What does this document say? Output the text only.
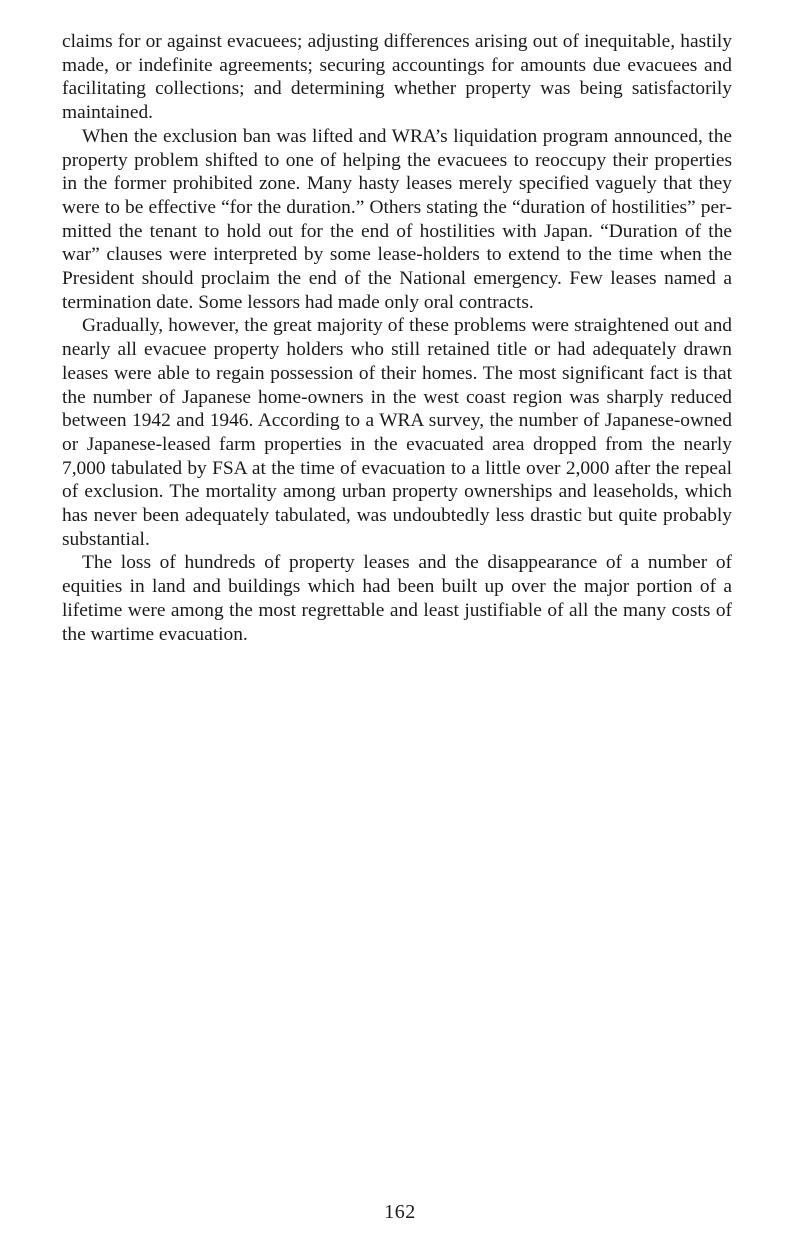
claims for or against evacuees; adjusting differences arising out of inequitable, hastily made, or indefinite agreements; securing accountings for amounts due evacuees and facilitating collections; and determining whether property was being satisfactorily maintained.

When the exclusion ban was lifted and WRA’s liquidation program announced, the property problem shifted to one of helping the evacuees to reoccupy their properties in the former prohibited zone. Many hasty leases merely specified vaguely that they were to be effective “for the duration.” Others stating the “duration of hostilities” permitted the tenant to hold out for the end of hostilities with Japan. “Duration of the war” clauses were interpreted by some lease-holders to extend to the time when the President should proclaim the end of the National emergency. Few leases named a termination date. Some lessors had made only oral contracts.

Gradually, however, the great majority of these problems were straightened out and nearly all evacuee property holders who still retained title or had adequately drawn leases were able to regain possession of their homes. The most significant fact is that the number of Japanese home-owners in the west coast region was sharply reduced between 1942 and 1946. According to a WRA survey, the number of Japanese-owned or Japanese-leased farm properties in the evacuated area dropped from the nearly 7,000 tabulated by FSA at the time of evacuation to a little over 2,000 after the repeal of exclusion. The mortality among urban property ownerships and leaseholds, which has never been adequately tabulated, was undoubtedly less drastic but quite probably substantial.

The loss of hundreds of property leases and the disappearance of a number of equities in land and buildings which had been built up over the major portion of a lifetime were among the most regrettable and least justifiable of all the many costs of the wartime evacuation.

162
